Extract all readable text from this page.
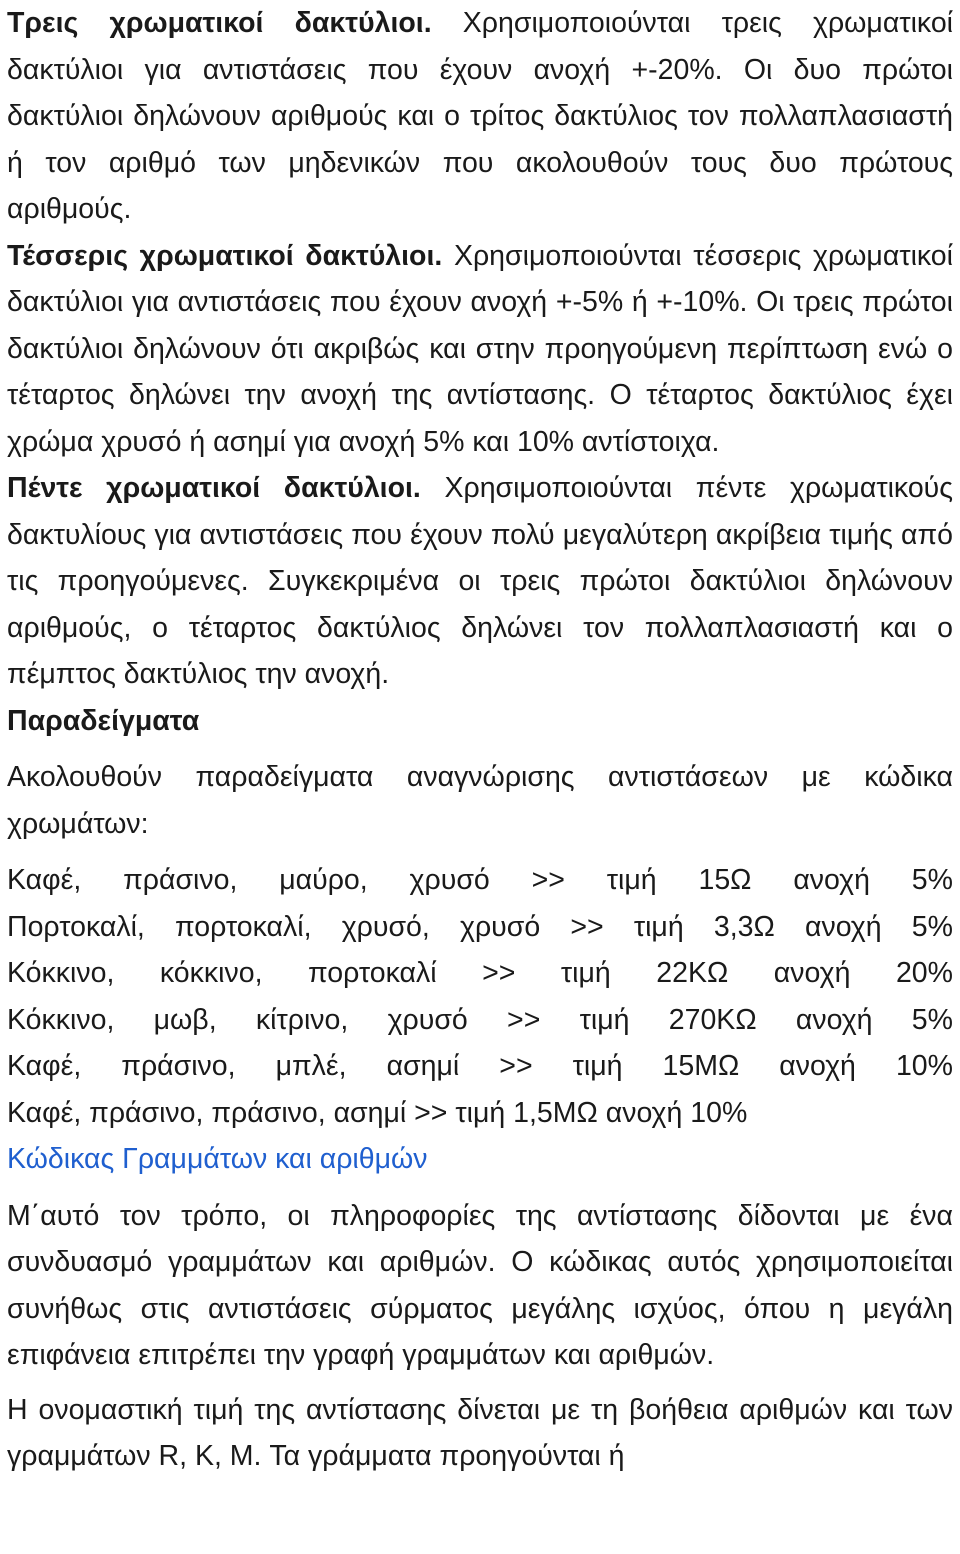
Τρεις χρωματικοί δακτύλιοι. Χρησιμοποιούνται τρεις χρωματικοί δακτύλιοι για αντιστάσεις που έχουν ανοχή +-20%. Οι δυο πρώτοι δακτύλιοι δηλώνουν αριθμούς και ο τρίτος δακτύλιος τον πολλαπλασιαστή ή τον αριθμό των μηδενικών που ακολουθούν τους δυο πρώτους αριθμούς.

Τέσσερις χρωματικοί δακτύλιοι. Χρησιμοποιούνται τέσσερις χρωματικοί δακτύλιοι για αντιστάσεις που έχουν ανοχή +-5% ή +-10%. Οι τρεις πρώτοι δακτύλιοι δηλώνουν ότι ακριβώς και στην προηγούμενη περίπτωση ενώ ο τέταρτος δηλώνει την ανοχή της αντίστασης. Ο τέταρτος δακτύλιος έχει χρώμα χρυσό ή ασημί για ανοχή 5% και 10% αντίστοιχα.

Πέντε χρωματικοί δακτύλιοι. Χρησιμοποιούνται πέντε χρωματικούς δακτυλίους για αντιστάσεις που έχουν πολύ μεγαλύτερη ακρίβεια τιμής από τις προηγούμενες. Συγκεκριμένα οι τρεις πρώτοι δακτύλιοι δηλώνουν αριθμούς, ο τέταρτος δακτύλιος δηλώνει τον πολλαπλασιαστή και ο πέμπτος δακτύλιος την ανοχή.

Παραδείγματα

Ακολουθούν παραδείγματα αναγνώρισης αντιστάσεων με κώδικα χρωμάτων:

Καφέ, πράσινο, μαύρο, χρυσό >> τιμή 15Ω ανοχή 5%

Πορτοκαλί, πορτοκαλί, χρυσό, χρυσό >> τιμή 3,3Ω ανοχή 5%

Κόκκινο, κόκκινο, πορτοκαλί >> τιμή 22ΚΩ ανοχή 20%

Κόκκινο, μωβ, κίτρινο, χρυσό >> τιμή 270ΚΩ ανοχή 5%

Καφέ, πράσινο, μπλέ, ασημί >> τιμή 15ΜΩ ανοχή 10%

Καφέ, πράσινο, πράσινο, ασημί >> τιμή 1,5ΜΩ ανοχή 10%

Κώδικας Γραμμάτων και αριθμών

Μ΄αυτό τον τρόπο, οι πληροφορίες της αντίστασης δίδονται με ένα συνδυασμό γραμμάτων και αριθμών. Ο κώδικας αυτός χρησιμοποιείται συνήθως στις αντιστάσεις σύρματος μεγάλης ισχύος, όπου η μεγάλη επιφάνεια επιτρέπει την γραφή γραμμάτων και αριθμών.

Η ονομαστική τιμή της αντίστασης δίνεται με τη βοήθεια αριθμών και των γραμμάτων R, K, M. Τα γράμματα προηγούνται ή
